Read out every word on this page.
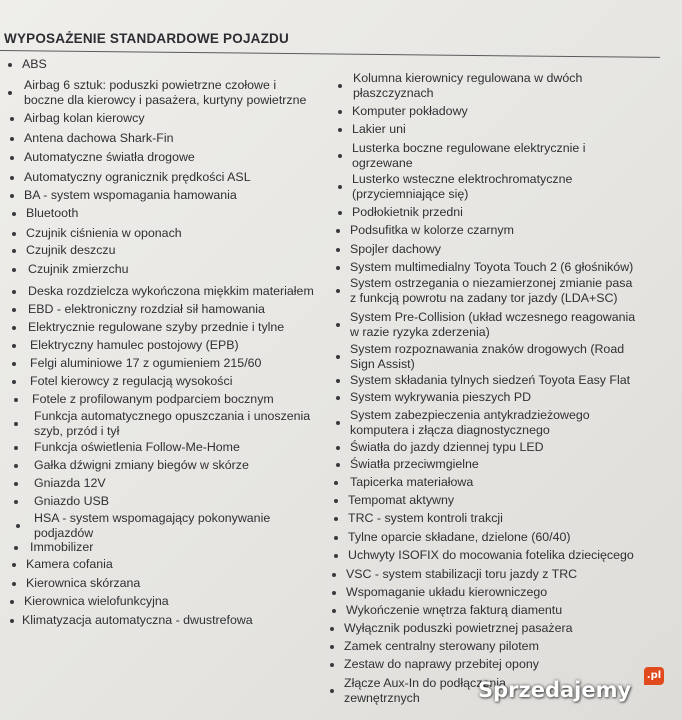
WYPOSAŻENIE STANDARDOWE POJAZDU
ABS
Airbag 6 sztuk: poduszki powietrzne czołowe i
boczne dla kierowcy i pasażera, kurtyny powietrzne
Airbag kolan kierowcy
Antena dachowa Shark-Fin
Automatyczne światła drogowe
Automatyczny ogranicznik prędkości ASL
BA - system wspomagania hamowania
Bluetooth
Czujnik ciśnienia w oponach
Czujnik deszczu
Czujnik zmierzchu
Deska rozdzielcza wykończona miękkim materiałem
EBD - elektroniczny rozdział sił hamowania
Elektrycznie regulowane szyby przednie i tylne
Elektryczny hamulec postojowy (EPB)
Felgi aluminiowe 17 z ogumieniem 215/60
Fotel kierowcy z regulacją wysokości
Fotele z profilowanym podparciem bocznym
Funkcja automatycznego opuszczania i unoszenia
szyb, przód i tył
Funkcja oświetlenia Follow-Me-Home
Gałka dźwigni zmiany biegów w skórze
Gniazda 12V
Gniazdo USB
HSA - system wspomagający pokonywanie
podjazdów
Immobilizer
Kamera cofania
Kierownica skórzana
Kierownica wielofunkcyjna
Klimatyzacja automatyczna - dwustrefowa
Kolumna kierownicy regulowana w dwóch
płaszczyznach
Komputer pokładowy
Lakier uni
Lusterka boczne regulowane elektrycznie i
ogrzewane
Lusterko wsteczne elektrochromatyczne
(przyciemniające się)
Podłokietnik przedni
Podsufitka w kolorze czarnym
Spojler dachowy
System multimedialny Toyota Touch 2 (6 głośników)
System ostrzegania o niezamierzonej zmianie pasa
z funkcją powrotu na zadany tor jazdy (LDA+SC)
System Pre-Collision (układ wczesnego reagowania
w razie ryzyka zderzenia)
System rozpoznawania znaków drogowych (Road
Sign Assist)
System składania tylnych siedzeń Toyota Easy Flat
System wykrywania pieszych PD
System zabezpieczenia antykradzieżowego
komputera i złącza diagnostycznego
Światła do jazdy dziennej typu LED
Światła przeciwmgielne
Tapicerka materiałowa
Tempomat aktywny
TRC - system kontroli trakcji
Tylne oparcie składane, dzielone (60/40)
Uchwyty ISOFIX do mocowania fotelika dziecięcego
VSC - system stabilizacji toru jazdy z TRC
Wspomaganie układu kierowniczego
Wykończenie wnętrza fakturą diamentu
Wyłącznik poduszki powietrznej pasażera
Zamek centralny sterowany pilotem
Zestaw do naprawy przebitej opony
Złącze Aux-In do podłączenia
zewnętrznych	Sprzedajemy
.pl
